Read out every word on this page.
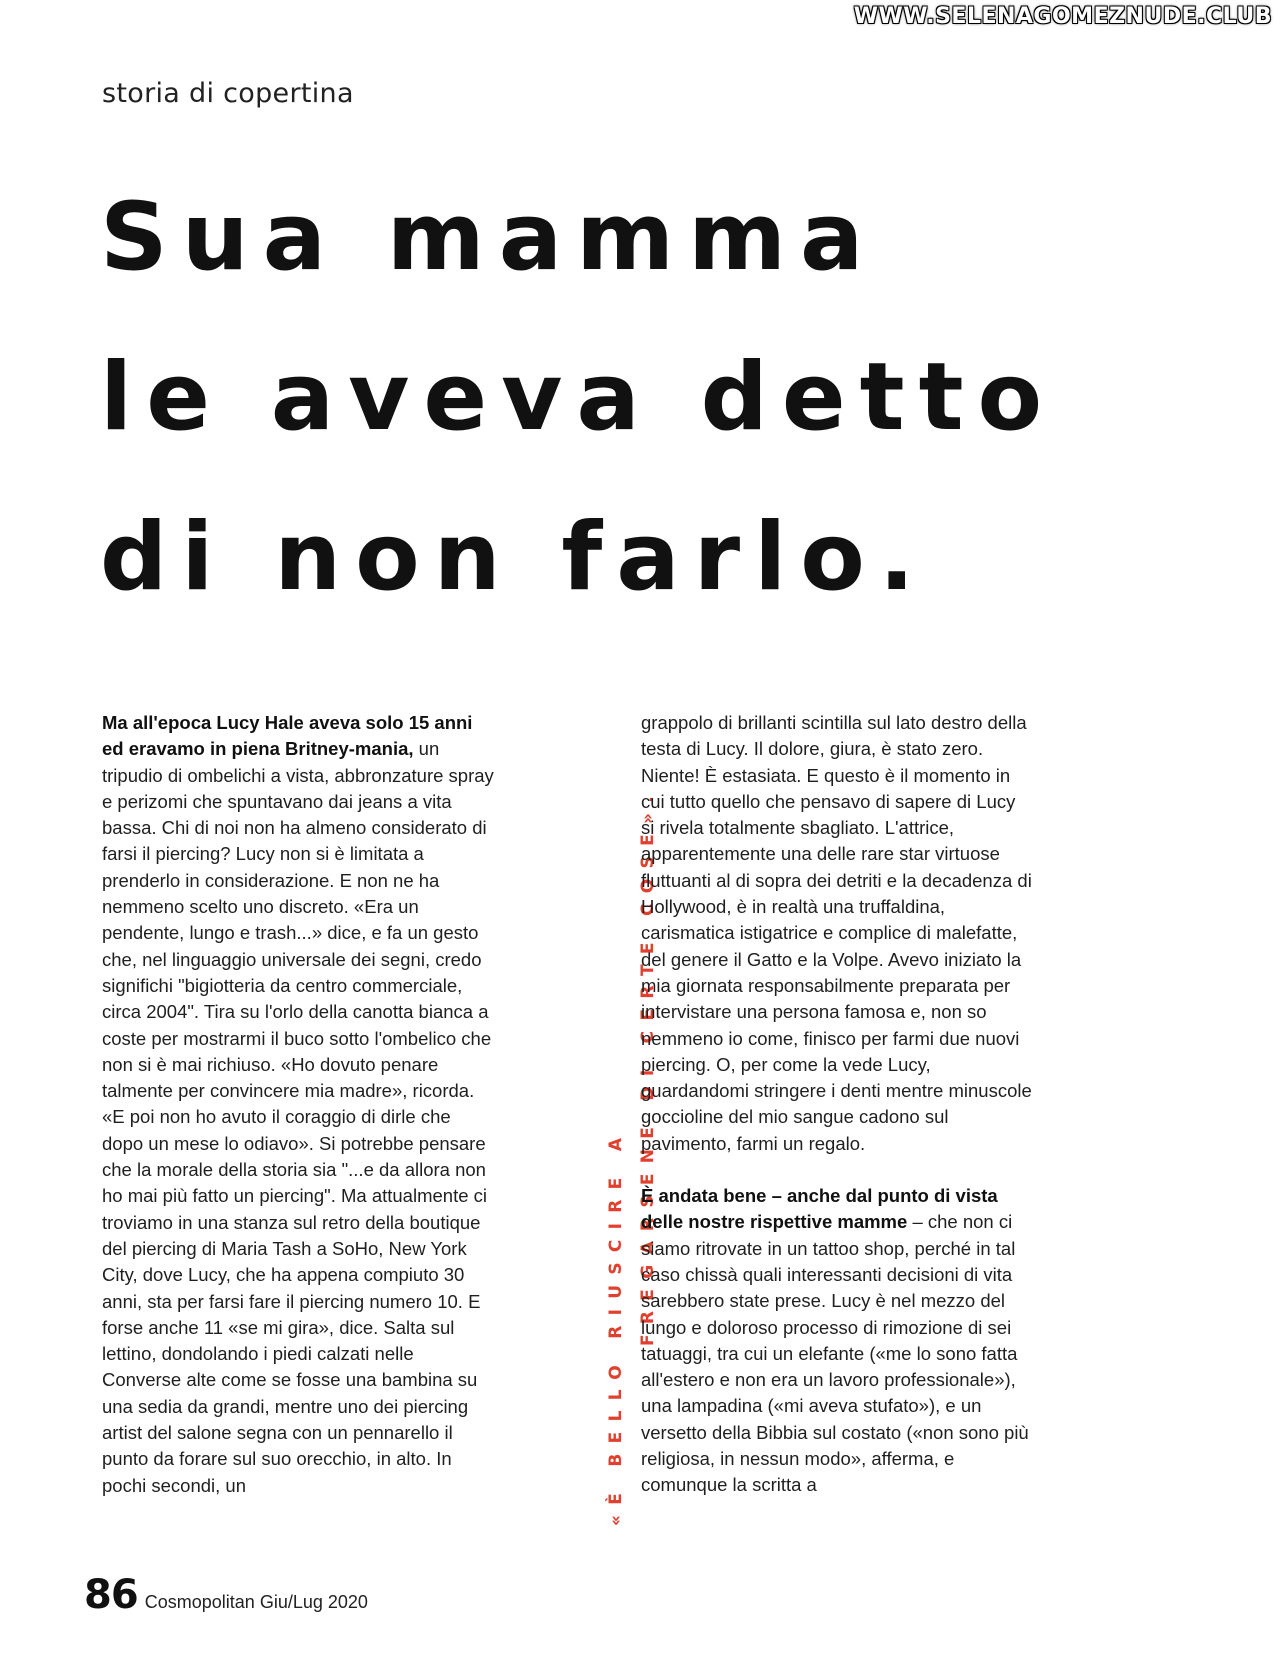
WWW.SELENAGOMEZNUDE.CLUB
storia di copertina
Sua mamma
le aveva detto
di non farlo.

Ma all'epoca Lucy Hale aveva solo 15 anni ed eravamo in piena Britney-mania, un tripudio di ombelichi a vista, abbronzature spray e perizomi che spuntavano dai jeans a vita bassa. Chi di noi non ha almeno considerato di farsi il piercing? Lucy non si è limitata a prenderlo in considerazione. E non ne ha nemmeno scelto uno discreto. «Era un pendente, lungo e trash...» dice, e fa un gesto che, nel linguaggio universale dei segni, credo significhi "bigiotteria da centro commerciale, circa 2004". Tira su l'orlo della canotta bianca a coste per mostrarmi il buco sotto l'ombelico che non si è mai richiuso. «Ho dovuto penare talmente per convincere mia madre», ricorda. «E poi non ho avuto il coraggio di dirle che dopo un mese lo odiavo». Si potrebbe pensare che la morale della storia sia "...e da allora non ho mai più fatto un piercing". Ma attualmente ci troviamo in una stanza sul retro della boutique del piercing di Maria Tash a SoHo, New York City, dove Lucy, che ha appena compiuto 30 anni, sta per farsi fare il piercing numero 10. E forse anche 11 «se mi gira», dice. Salta sul lettino, dondolando i piedi calzati nelle Converse alte come se fosse una bambina su una sedia da grandi, mentre uno dei piercing artist del salone segna con un pennarello il punto da forare sul suo orecchio, in alto. In pochi secondi, un	«È BELLO RIUSCIRE A FREGARSENE DI CERTE COSE».

grappolo di brillanti scintilla sul lato destro della testa di Lucy. Il dolore, giura, è stato zero. Niente! È estasiata. E questo è il momento in cui tutto quello che pensavo di sapere di Lucy si rivela totalmente sbagliato. L'attrice, apparentemente una delle rare star virtuose fluttuanti al di sopra dei detriti e la decadenza di Hollywood, è in realtà una truffaldina, carismatica istigatrice e complice di malefatte, del genere il Gatto e la Volpe. Avevo iniziato la mia giornata responsabilmente preparata per intervistare una persona famosa e, non so nemmeno io come, finisco per farmi due nuovi piercing. O, per come la vede Lucy, guardandomi stringere i denti mentre minuscole goccioline del mio sangue cadono sul pavimento, farmi un regalo.

È andata bene – anche dal punto di vista delle nostre rispettive mamme – che non ci siamo ritrovate in un tattoo shop, perché in tal caso chissà quali interessanti decisioni di vita sarebbero state prese. Lucy è nel mezzo del lungo e doloroso processo di rimozione di sei tatuaggi, tra cui un elefante («me lo sono fatta all'estero e non era un lavoro professionale»), una lampadina («mi aveva stufato»), e un versetto della Bibbia sul costato («non sono più religiosa, in nessun modo», afferma, e comunque la scritta a

86 Cosmopolitan Giu/Lug 2020
